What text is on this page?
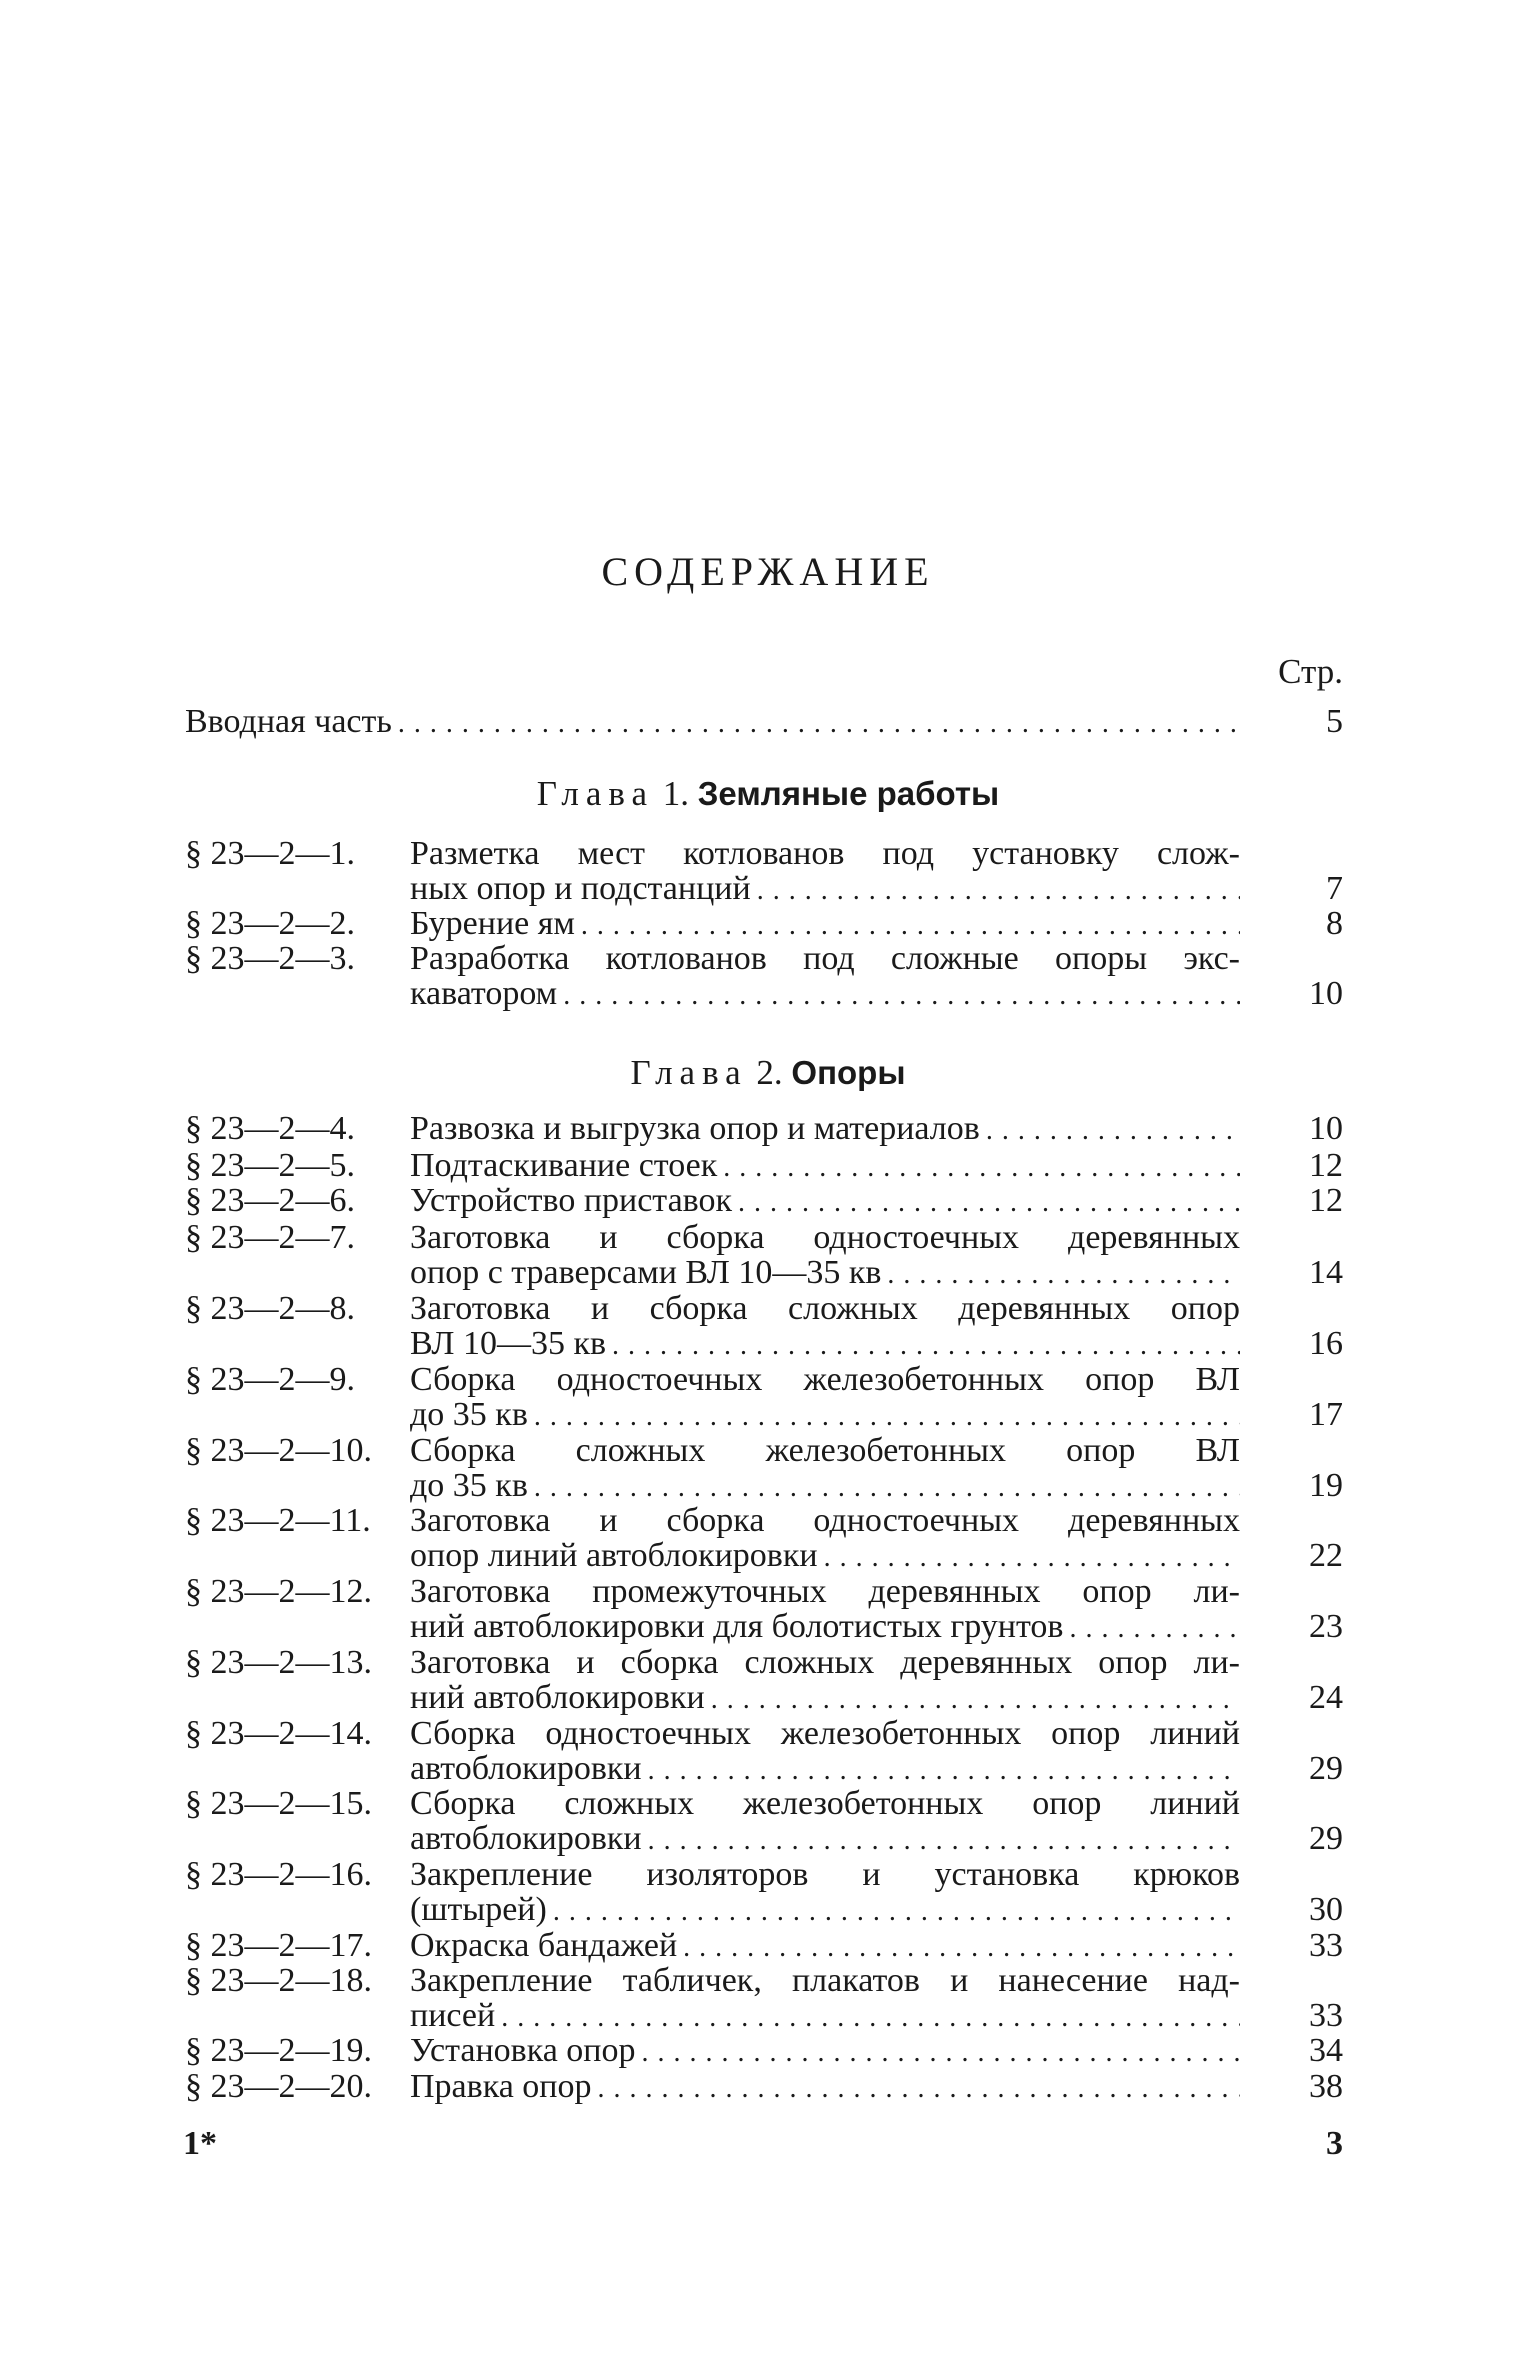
СОДЕРЖАНИЕ
Стр.
Вводная часть . . .	5
Глава 1. Земляные работы
§ 23—2—1. Разметка мест котлованов под установку слож-
ных опор и подстанций . . .	7
§ 23—2—2. Бурение ям . . .	8
§ 23—2—3. Разработка котлованов под сложные опоры экс-
каватором . . .	10
§ 23—2—4. Развозка и выгрузка опор и материалов . . .	10
§ 23—2—5. Подтаскивание стоек . . .	12
§ 23—2—6. Устройство приставок . . .	12
§ 23—2—7. Заготовка и сборка одностоечных деревянных
опор с траверсами ВЛ 10—35 кв . . .	14
§ 23—2—8. Заготовка и сборка сложных деревянных опор
ВЛ 10—35 кв . . .	16
§ 23—2—9. Сборка одностоечных железобетонных опор ВЛ
до 35 кв . . .	17
§ 23—2—10. Сборка сложных железобетонных опор ВЛ
до 35 кв . . .	19
§ 23—2—11. Заготовка и сборка одностоечных деревянных
опор линий автоблокировки . . .	22
§ 23—2—12. Заготовка промежуточных деревянных опор ли-
ний автоблокировки для болотистых грунтов . . .	23
§ 23—2—13. Заготовка и сборка сложных деревянных опор ли-
ний автоблокировки . . .	24
§ 23—2—14. Сборка одностоечных железобетонных опор линий
автоблокировки . . .	29
§ 23—2—15. Сборка сложных железобетонных опор линий
автоблокировки . . .	29
§ 23—2—16. Закрепление изоляторов и установка крюков
(штырей) . . .	30
§ 23—2—17. Окраска бандажей . . .	33
§ 23—2—18. Закрепление табличек, плакатов и нанесение над-
писей . . .	33
§ 23—2—19. Установка опор . . .	34
§ 23—2—20. Правка опор . . .	38
Глава 2. Опоры
1*	3
